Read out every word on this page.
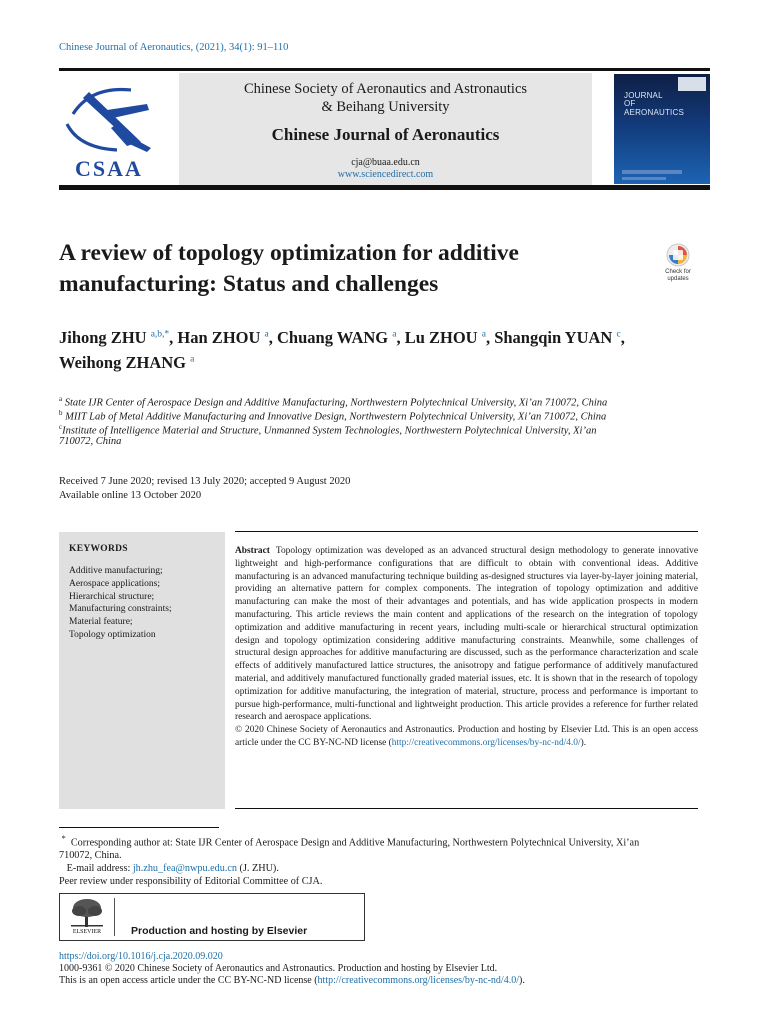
Chinese Journal of Aeronautics, (2021), 34(1): 91–110
CSAA
Chinese Society of Aeronautics and Astronautics
& Beihang University
Chinese Journal of Aeronautics
cja@buaa.edu.cn
www.sciencedirect.com
JOURNAL
OF
AERONAUTICS
A review of topology optimization for additive
manufacturing: Status and challenges	Check for
updates
Jihong ZHU $^{a,b,*}$, Han ZHOU $^a$, Chuang WANG $^a$, Lu ZHOU $^a$, Shangqin YUAN $^c$,
Weihong ZHANG $^a$
$^a$ State IJR Center of Aerospace Design and Additive Manufacturing, Northwestern Polytechnical University, Xi’an 710072, China
$^b$ MIIT Lab of Metal Additive Manufacturing and Innovative Design, Northwestern Polytechnical University, Xi’an 710072, China
$^c$Institute of Intelligence Material and Structure, Unmanned System Technologies, Northwestern Polytechnical University, Xi’an
710072, China
Received 7 June 2020; revised 13 July 2020; accepted 9 August 2020
Available online 13 October 2020
KEYWORDS
Additive manufacturing;
Aerospace applications;
Hierarchical structure;
Manufacturing constraints;
Material feature;
Topology optimization
Abstract Topology optimization was developed as an advanced structural design methodology to generate innovative lightweight and high-performance configurations that are difficult to obtain with conventional ideas. Additive manufacturing is an advanced manufacturing technique building as-designed structures via layer-by-layer joining material, providing an alternative pattern for complex components. The integration of topology optimization and additive manufacturing can make the most of their advantages and potentials, and has wide application prospects in modern manufacturing. This article reviews the main content and applications of the research on the integration of topology optimization and additive manufacturing in recent years, including multi-scale or hierarchical structural optimization design and topology optimization considering additive manufacturing constraints. Meanwhile, some challenges of structural design approaches for additive manufacturing are discussed, such as the performance characterization and scale effects of additively manufactured lattice structures, the anisotropy and fatigue performance of additively manufactured material, and additively manufactured functionally graded material issues, etc. It is shown that in the research of topology optimization for additive manufacturing, the integration of material, structure, process and performance is important to pursue high-performance, multi-functional and lightweight production. This article provides a reference for further related research and aerospace applications.
© 2020 Chinese Society of Aeronautics and Astronautics. Production and hosting by Elsevier Ltd. This is an open access article under the CC BY-NC-ND license (http://creativecommons.org/licenses/by-nc-nd/4.0/).
* Corresponding author at: State IJR Center of Aerospace Design and Additive Manufacturing, Northwestern Polytechnical University, Xi’an
710072, China.
E-mail address: jh.zhu_fea@nwpu.edu.cn (J. ZHU).
Peer review under responsibility of Editorial Committee of CJA.
ELSEVIER	Production and hosting by Elsevier
https://doi.org/10.1016/j.cja.2020.09.020
1000-9361 © 2020 Chinese Society of Aeronautics and Astronautics. Production and hosting by Elsevier Ltd.
This is an open access article under the CC BY-NC-ND license (http://creativecommons.org/licenses/by-nc-nd/4.0/).
